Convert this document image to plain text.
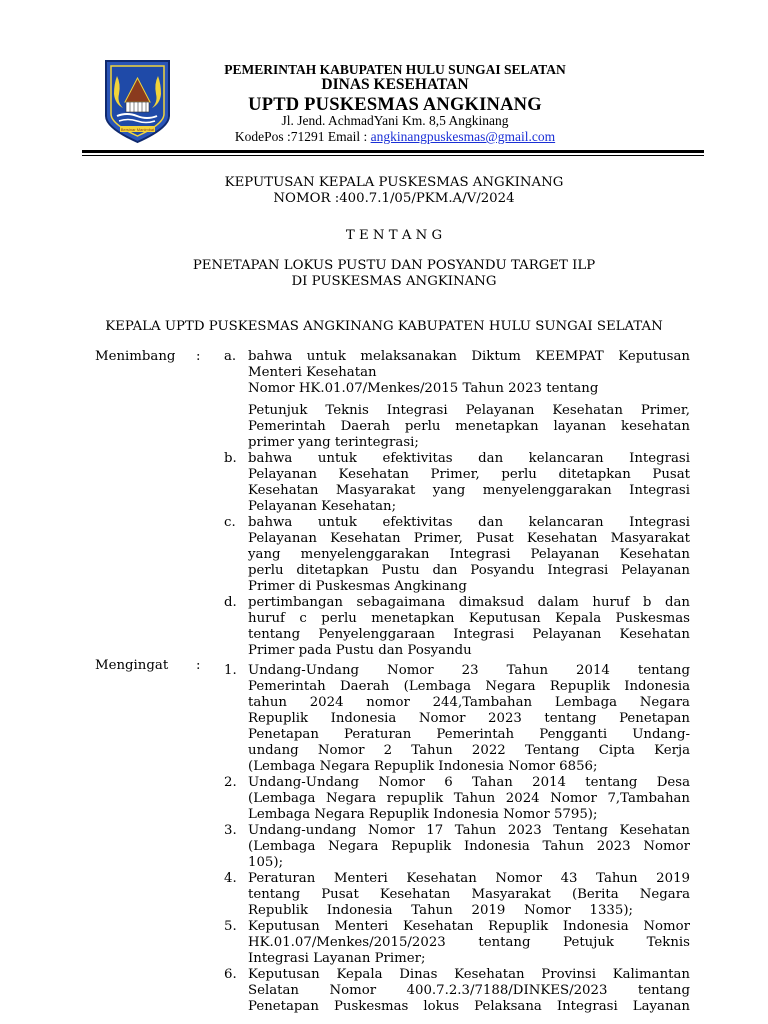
Bersinar Manimbat
PEMERINTAH KABUPATEN HULU SUNGAI SELATAN
DINAS KESEHATAN
UPTD PUSKESMAS ANGKINANG
Jl. Jend. AchmadYani Km. 8,5 Angkinang
KodePos :71291 Email : angkinangpuskesmas@gmail.com
KEPUTUSAN KEPALA PUSKESMAS ANGKINANG
NOMOR :400.7.1/05/PKM.A/V/2024
T E N T A N G
PENETAPAN LOKUS PUSTU DAN POSYANDU TARGET ILP
DI PUSKESMAS ANGKINANG
KEPALA UPTD PUSKESMAS ANGKINANG KABUPATEN HULU SUNGAI SELATAN
Menimbang : a. bahwa untuk melaksanakan Diktum KEEMPAT Keputusan
Menteri Kesehatan
Nomor HK.01.07/Menkes/2015 Tahun 2023 tentang
Petunjuk Teknis Integrasi Pelayanan Kesehatan Primer,
Pemerintah Daerah perlu menetapkan layanan kesehatan
primer yang terintegrasi;
b. bahwa untuk efektivitas dan kelancaran Integrasi
Pelayanan Kesehatan Primer, perlu ditetapkan Pusat
Kesehatan Masyarakat yang menyelenggarakan Integrasi
Pelayanan Kesehatan;
c. bahwa untuk efektivitas dan kelancaran Integrasi
Pelayanan Kesehatan Primer, Pusat Kesehatan Masyarakat
yang menyelenggarakan Integrasi Pelayanan Kesehatan
perlu ditetapkan Pustu dan Posyandu Integrasi Pelayanan
Primer di Puskesmas Angkinang
d. pertimbangan sebagaimana dimaksud dalam huruf b dan
huruf c perlu menetapkan Keputusan Kepala Puskesmas
tentang Penyelenggaraan Integrasi Pelayanan Kesehatan
Primer pada Pustu dan Posyandu
Mengingat : 1. Undang-Undang Nomor 23 Tahun 2014 tentang
Pemerintah Daerah (Lembaga Negara Repuplik Indonesia
tahun 2024 nomor 244,Tambahan Lembaga Negara
Repuplik Indonesia Nomor 2023 tentang Penetapan
Penetapan Peraturan Pemerintah Pengganti Undang-
undang Nomor 2 Tahun 2022 Tentang Cipta Kerja
(Lembaga Negara Repuplik Indonesia Nomor 6856;
2. Undang-Undang Nomor 6 Tahan 2014 tentang Desa
(Lembaga Negara repuplik Tahun 2024 Nomor 7,Tambahan
Lembaga Negara Repuplik Indonesia Nomor 5795);
3. Undang-undang Nomor 17 Tahun 2023 Tentang Kesehatan
(Lembaga Negara Repuplik Indonesia Tahun 2023 Nomor
105);
4. Peraturan Menteri Kesehatan Nomor 43 Tahun 2019
tentang Pusat Kesehatan Masyarakat (Berita Negara
Republik Indonesia Tahun 2019 Nomor 1335);
5. Keputusan Menteri Kesehatan Repuplik Indonesia Nomor
HK.01.07/Menkes/2015/2023 tentang Petujuk Teknis
Integrasi Layanan Primer;
6. Keputusan Kepala Dinas Kesehatan Provinsi Kalimantan
Selatan Nomor 400.7.2.3/7188/DINKES/2023 tentang
Penetapan Puskesmas lokus Pelaksana Integrasi Layanan
